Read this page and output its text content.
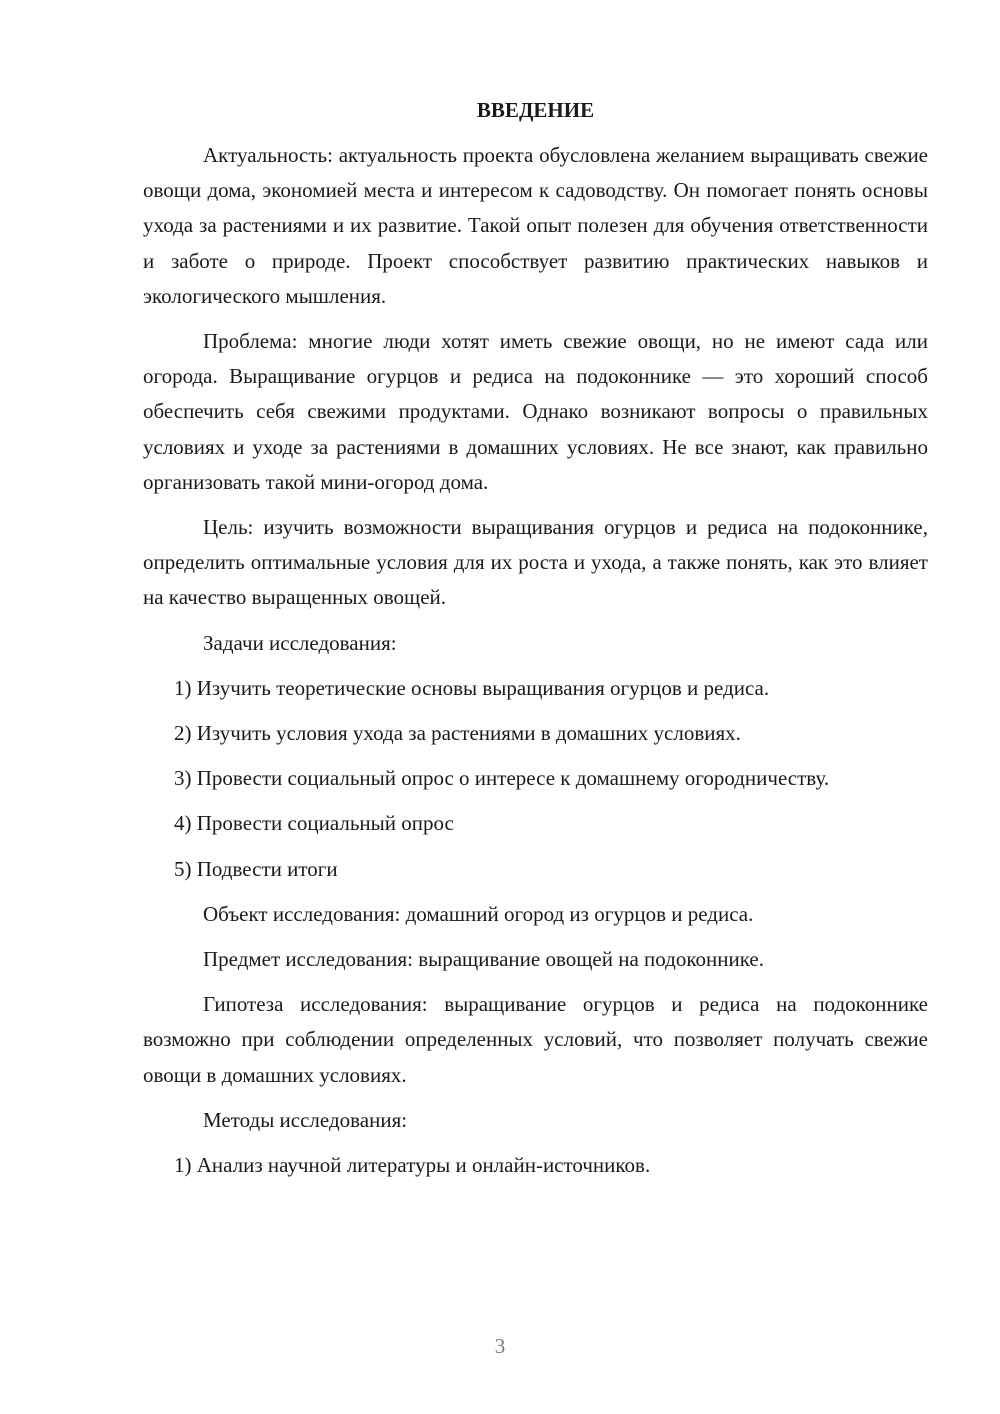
ВВЕДЕНИЕ

Актуальность: актуальность проекта обусловлена желанием выращивать свежие овощи дома, экономией места и интересом к садоводству. Он помогает понять основы ухода за растениями и их развитие. Такой опыт полезен для обучения ответственности и заботе о природе. Проект способствует развитию практических навыков и экологического мышления.

Проблема: многие люди хотят иметь свежие овощи, но не имеют сада или огорода. Выращивание огурцов и редиса на подоконнике — это хороший способ обеспечить себя свежими продуктами. Однако возникают вопросы о правильных условиях и уходе за растениями в домашних условиях. Не все знают, как правильно организовать такой мини-огород дома.

Цель: изучить возможности выращивания огурцов и редиса на подоконнике, определить оптимальные условия для их роста и ухода, а также понять, как это влияет на качество выращенных овощей.

Задачи исследования:

1) Изучить теоретические основы выращивания огурцов и редиса.

2) Изучить условия ухода за растениями в домашних условиях.

3) Провести социальный опрос о интересе к домашнему огородничеству.

4) Провести социальный опрос

5) Подвести итоги

Объект исследования: домашний огород из огурцов и редиса.

Предмет исследования: выращивание овощей на подоконнике.

Гипотеза исследования: выращивание огурцов и редиса на подоконнике возможно при соблюдении определенных условий, что позволяет получать свежие овощи в домашних условиях.

Методы исследования:

1) Анализ научной литературы и онлайн-источников.

3
